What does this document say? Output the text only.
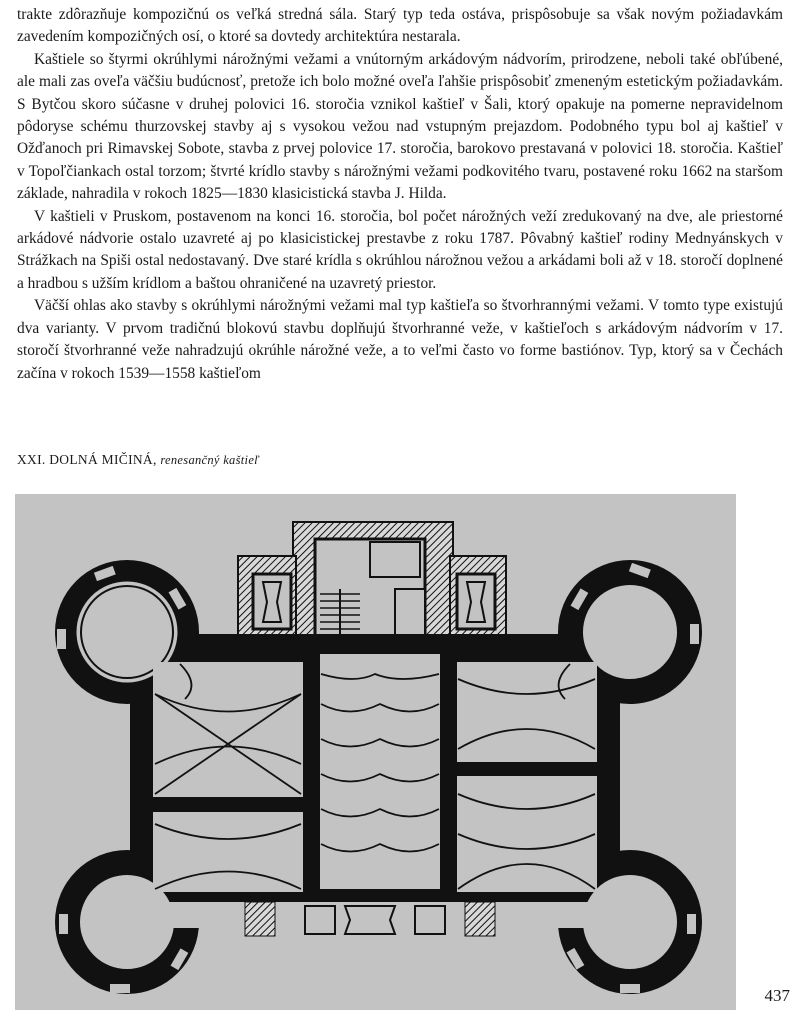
trakte zdôrazňuje kompozičnú os veľká stredná sála. Starý typ teda ostáva, prispôsobuje sa však novým požiadavkám zavedením kompozičných osí, o ktoré sa dovtedy architektúra nestarala.

Kaštiele so štyrmi okrúhlymi nárožnými vežami a vnútorným arkádovým nádvorím, prirodzene, neboli také obľúbené, ale mali zas oveľa väčšiu budúcnosť, pretože ich bolo možné oveľa ľahšie prispôsobiť zmeneným estetickým požiadavkám. S Bytčou skoro súčasne v druhej polovici 16. storočia vznikol kaštieľ v Šali, ktorý opakuje na pomerne nepravidelnom pôdoryse schému thurzovskej stavby aj s vysokou vežou nad vstupným prejazdom. Podobného typu bol aj kaštieľ v Ožďanoch pri Rimavskej Sobote, stavba z prvej polovice 17. storočia, barokovo prestavaná v polovici 18. storočia. Kaštieľ v Topoľčiankach ostal torzom; štvrté krídlo stavby s nárožnými vežami podkovitého tvaru, postavené roku 1662 na staršom základe, nahradila v rokoch 1825—1830 klasicistická stavba J. Hilda.

V kaštieli v Pruskom, postavenom na konci 16. storočia, bol počet nárožných veží zredukovaný na dve, ale priestorné arkádové nádvorie ostalo uzavreté aj po klasicistickej prestavbe z roku 1787. Pôvabný kaštieľ rodiny Mednyánskych v Strážkach na Spiši ostal nedostavaný. Dve staré krídla s okrúhlou nárožnou vežou a arkádami boli až v 18. storočí doplnené a hradbou s užším krídlom a baštou ohraničené na uzavretý priestor.

Väčší ohlas ako stavby s okrúhlymi nárožnými vežami mal typ kaštieľa so štvorhrannými vežami. V tomto type existujú dva varianty. V prvom tradičnú blokovú stavbu doplňujú štvorhranné veže, v kaštieľoch s arkádovým nádvorím v 17. storočí štvorhranné veže nahradzujú okrúhle nárožné veže, a to veľmi často vo forme bastiónov. Typ, ktorý sa v Čechách začína v rokoch 1539—1558 kaštieľom

XXI. DOLNÁ MIČINÁ, renesančný kaštieľ
437
